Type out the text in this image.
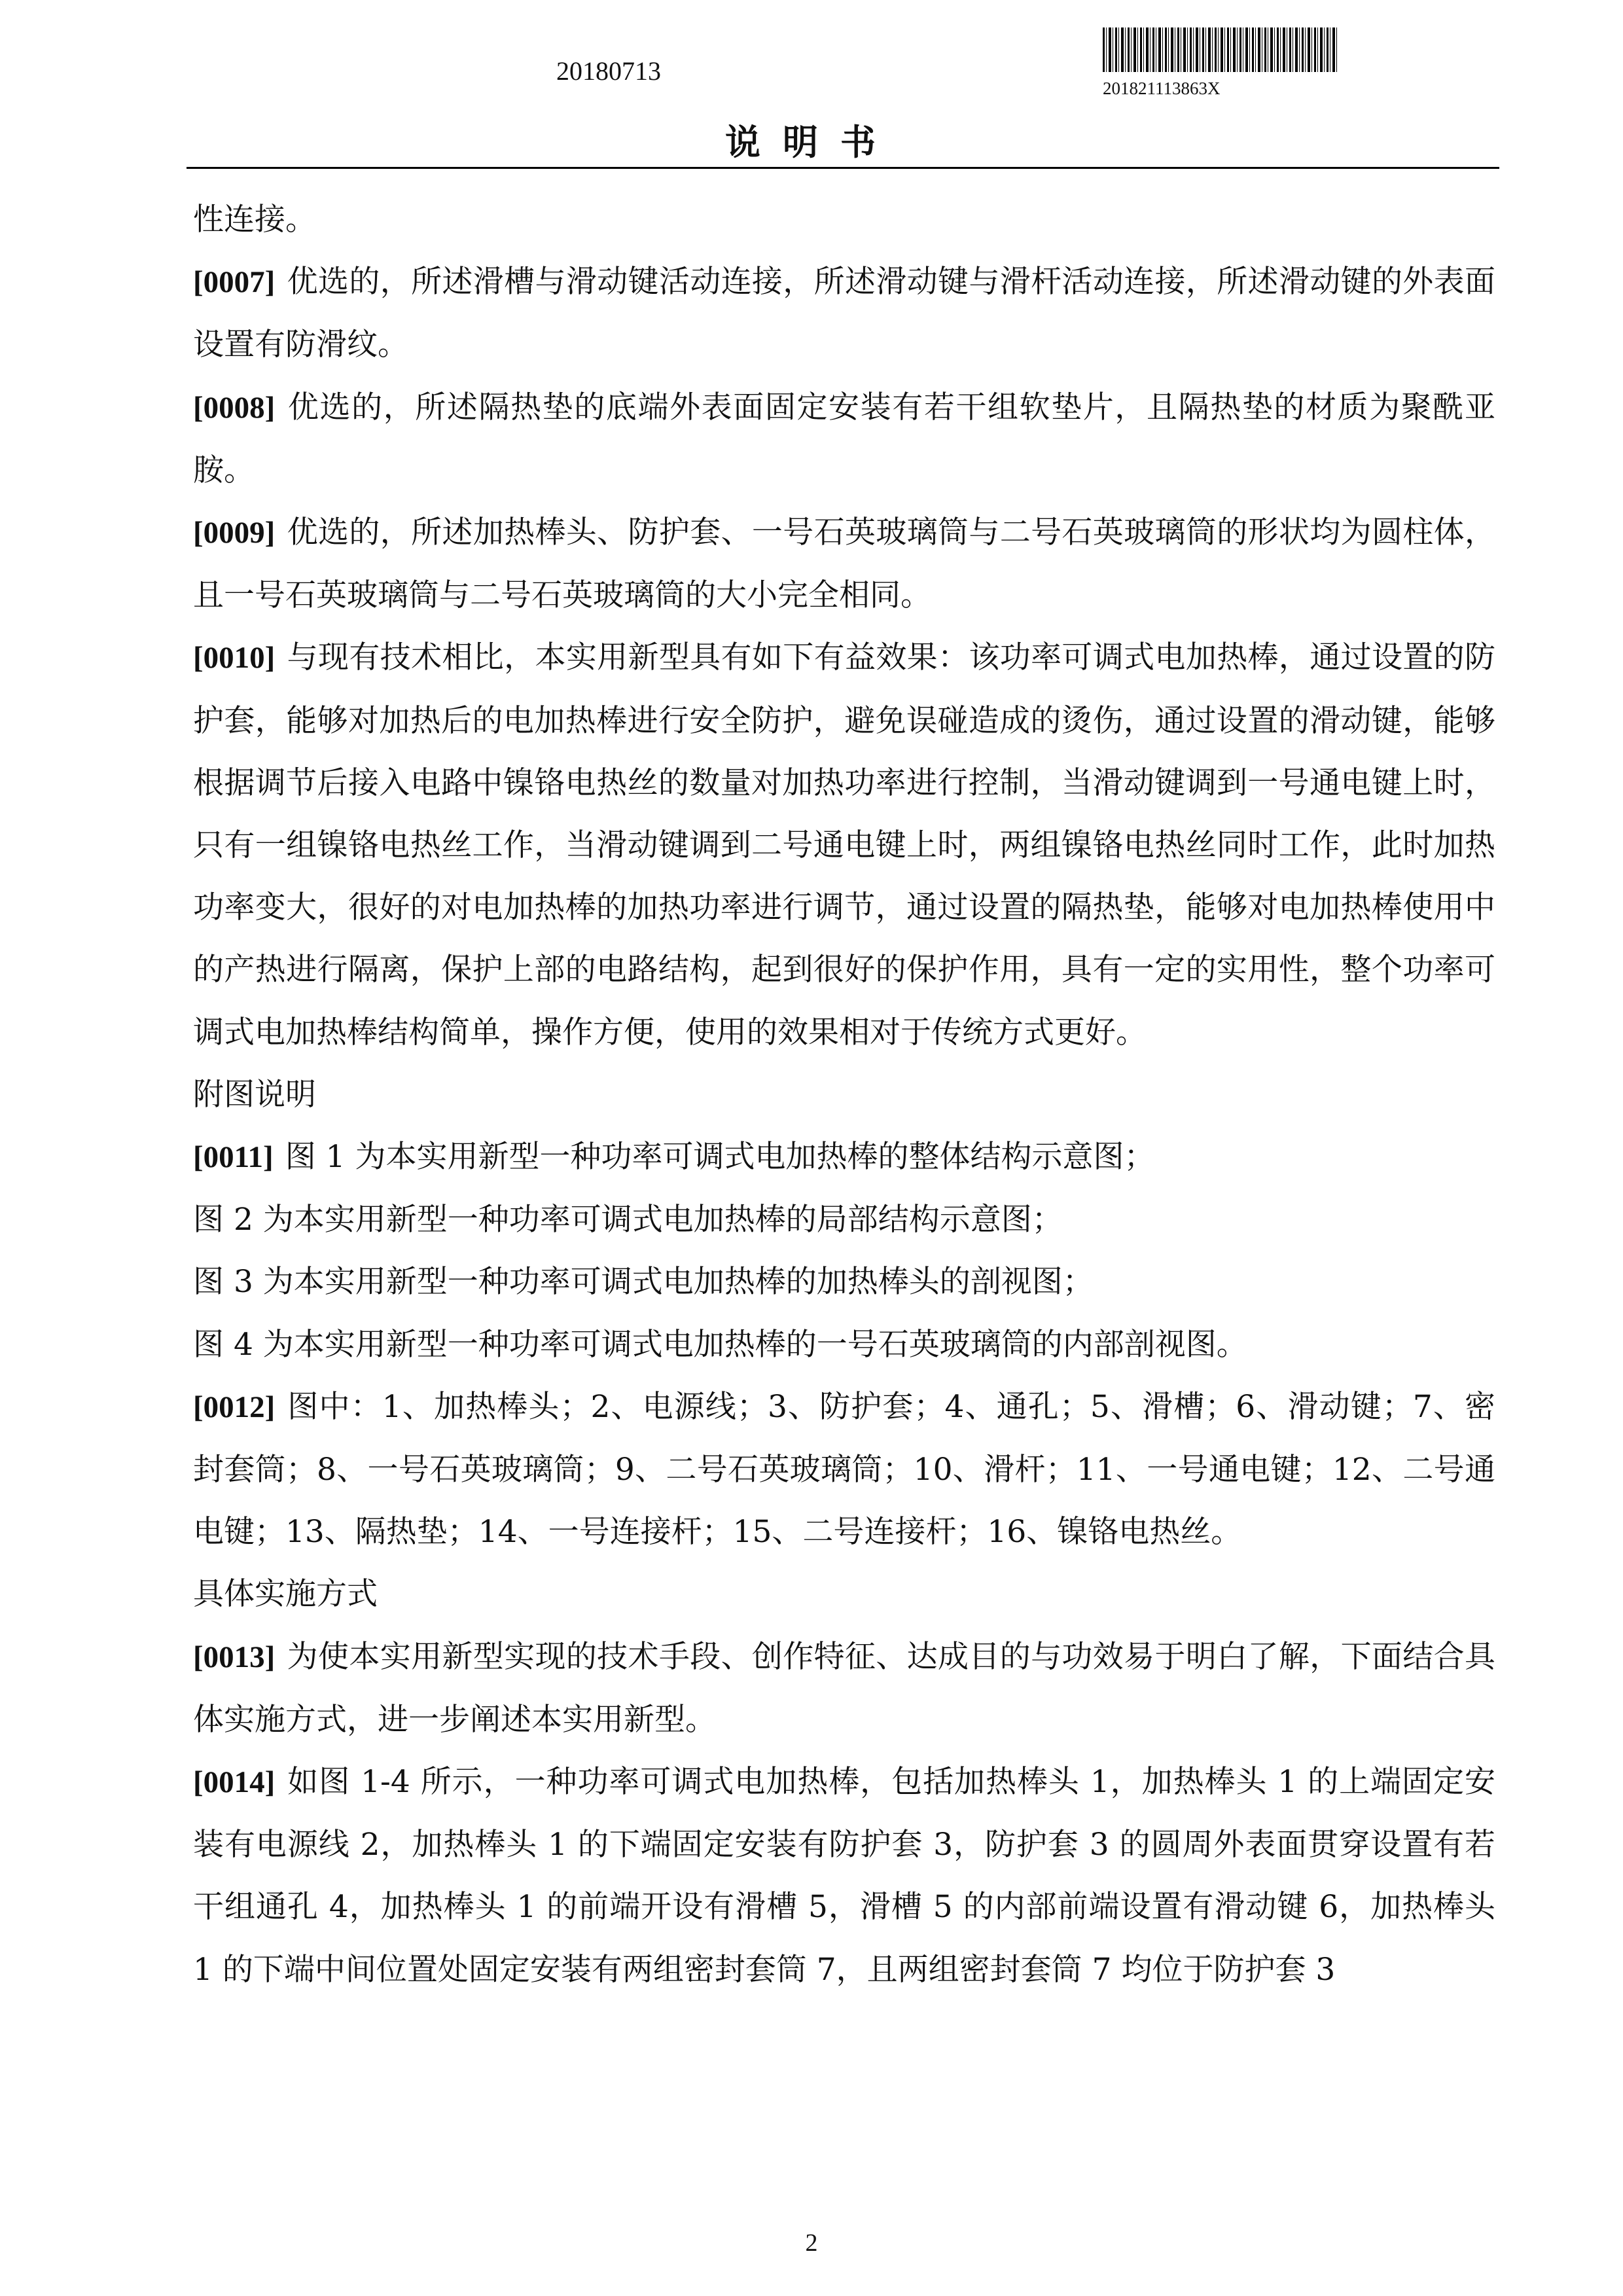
20180713
201821113863X
说明书

性连接。

[0007] 优选的，所述滑槽与滑动键活动连接，所述滑动键与滑杆活动连接，所述滑动键的外表面设置有防滑纹。

[0008] 优选的，所述隔热垫的底端外表面固定安装有若干组软垫片，且隔热垫的材质为聚酰亚胺。

[0009] 优选的，所述加热棒头、防护套、一号石英玻璃筒与二号石英玻璃筒的形状均为圆柱体，且一号石英玻璃筒与二号石英玻璃筒的大小完全相同。

[0010] 与现有技术相比，本实用新型具有如下有益效果：该功率可调式电加热棒，通过设置的防护套，能够对加热后的电加热棒进行安全防护，避免误碰造成的烫伤，通过设置的滑动键，能够根据调节后接入电路中镍铬电热丝的数量对加热功率进行控制，当滑动键调到一号通电键上时，只有一组镍铬电热丝工作，当滑动键调到二号通电键上时，两组镍铬电热丝同时工作，此时加热功率变大，很好的对电加热棒的加热功率进行调节，通过设置的隔热垫，能够对电加热棒使用中的产热进行隔离，保护上部的电路结构，起到很好的保护作用，具有一定的实用性，整个功率可调式电加热棒结构简单，操作方便，使用的效果相对于传统方式更好。

附图说明

[0011] 图 1 为本实用新型一种功率可调式电加热棒的整体结构示意图；

图 2 为本实用新型一种功率可调式电加热棒的局部结构示意图；

图 3 为本实用新型一种功率可调式电加热棒的加热棒头的剖视图；

图 4 为本实用新型一种功率可调式电加热棒的一号石英玻璃筒的内部剖视图。

[0012] 图中：1、加热棒头；2、电源线；3、防护套；4、通孔；5、滑槽；6、滑动键；7、密封套筒；8、一号石英玻璃筒；9、二号石英玻璃筒；10、滑杆；11、一号通电键；12、二号通电键；13、隔热垫；14、一号连接杆；15、二号连接杆；16、镍铬电热丝。

具体实施方式

[0013] 为使本实用新型实现的技术手段、创作特征、达成目的与功效易于明白了解，下面结合具体实施方式，进一步阐述本实用新型。

[0014] 如图 1-4 所示，一种功率可调式电加热棒，包括加热棒头 1，加热棒头 1 的上端固定安装有电源线 2，加热棒头 1 的下端固定安装有防护套 3，防护套 3 的圆周外表面贯穿设置有若干组通孔 4，加热棒头 1 的前端开设有滑槽 5，滑槽 5 的内部前端设置有滑动键 6，加热棒头 1 的下端中间位置处固定安装有两组密封套筒 7，且两组密封套筒 7 均位于防护套 3

2
